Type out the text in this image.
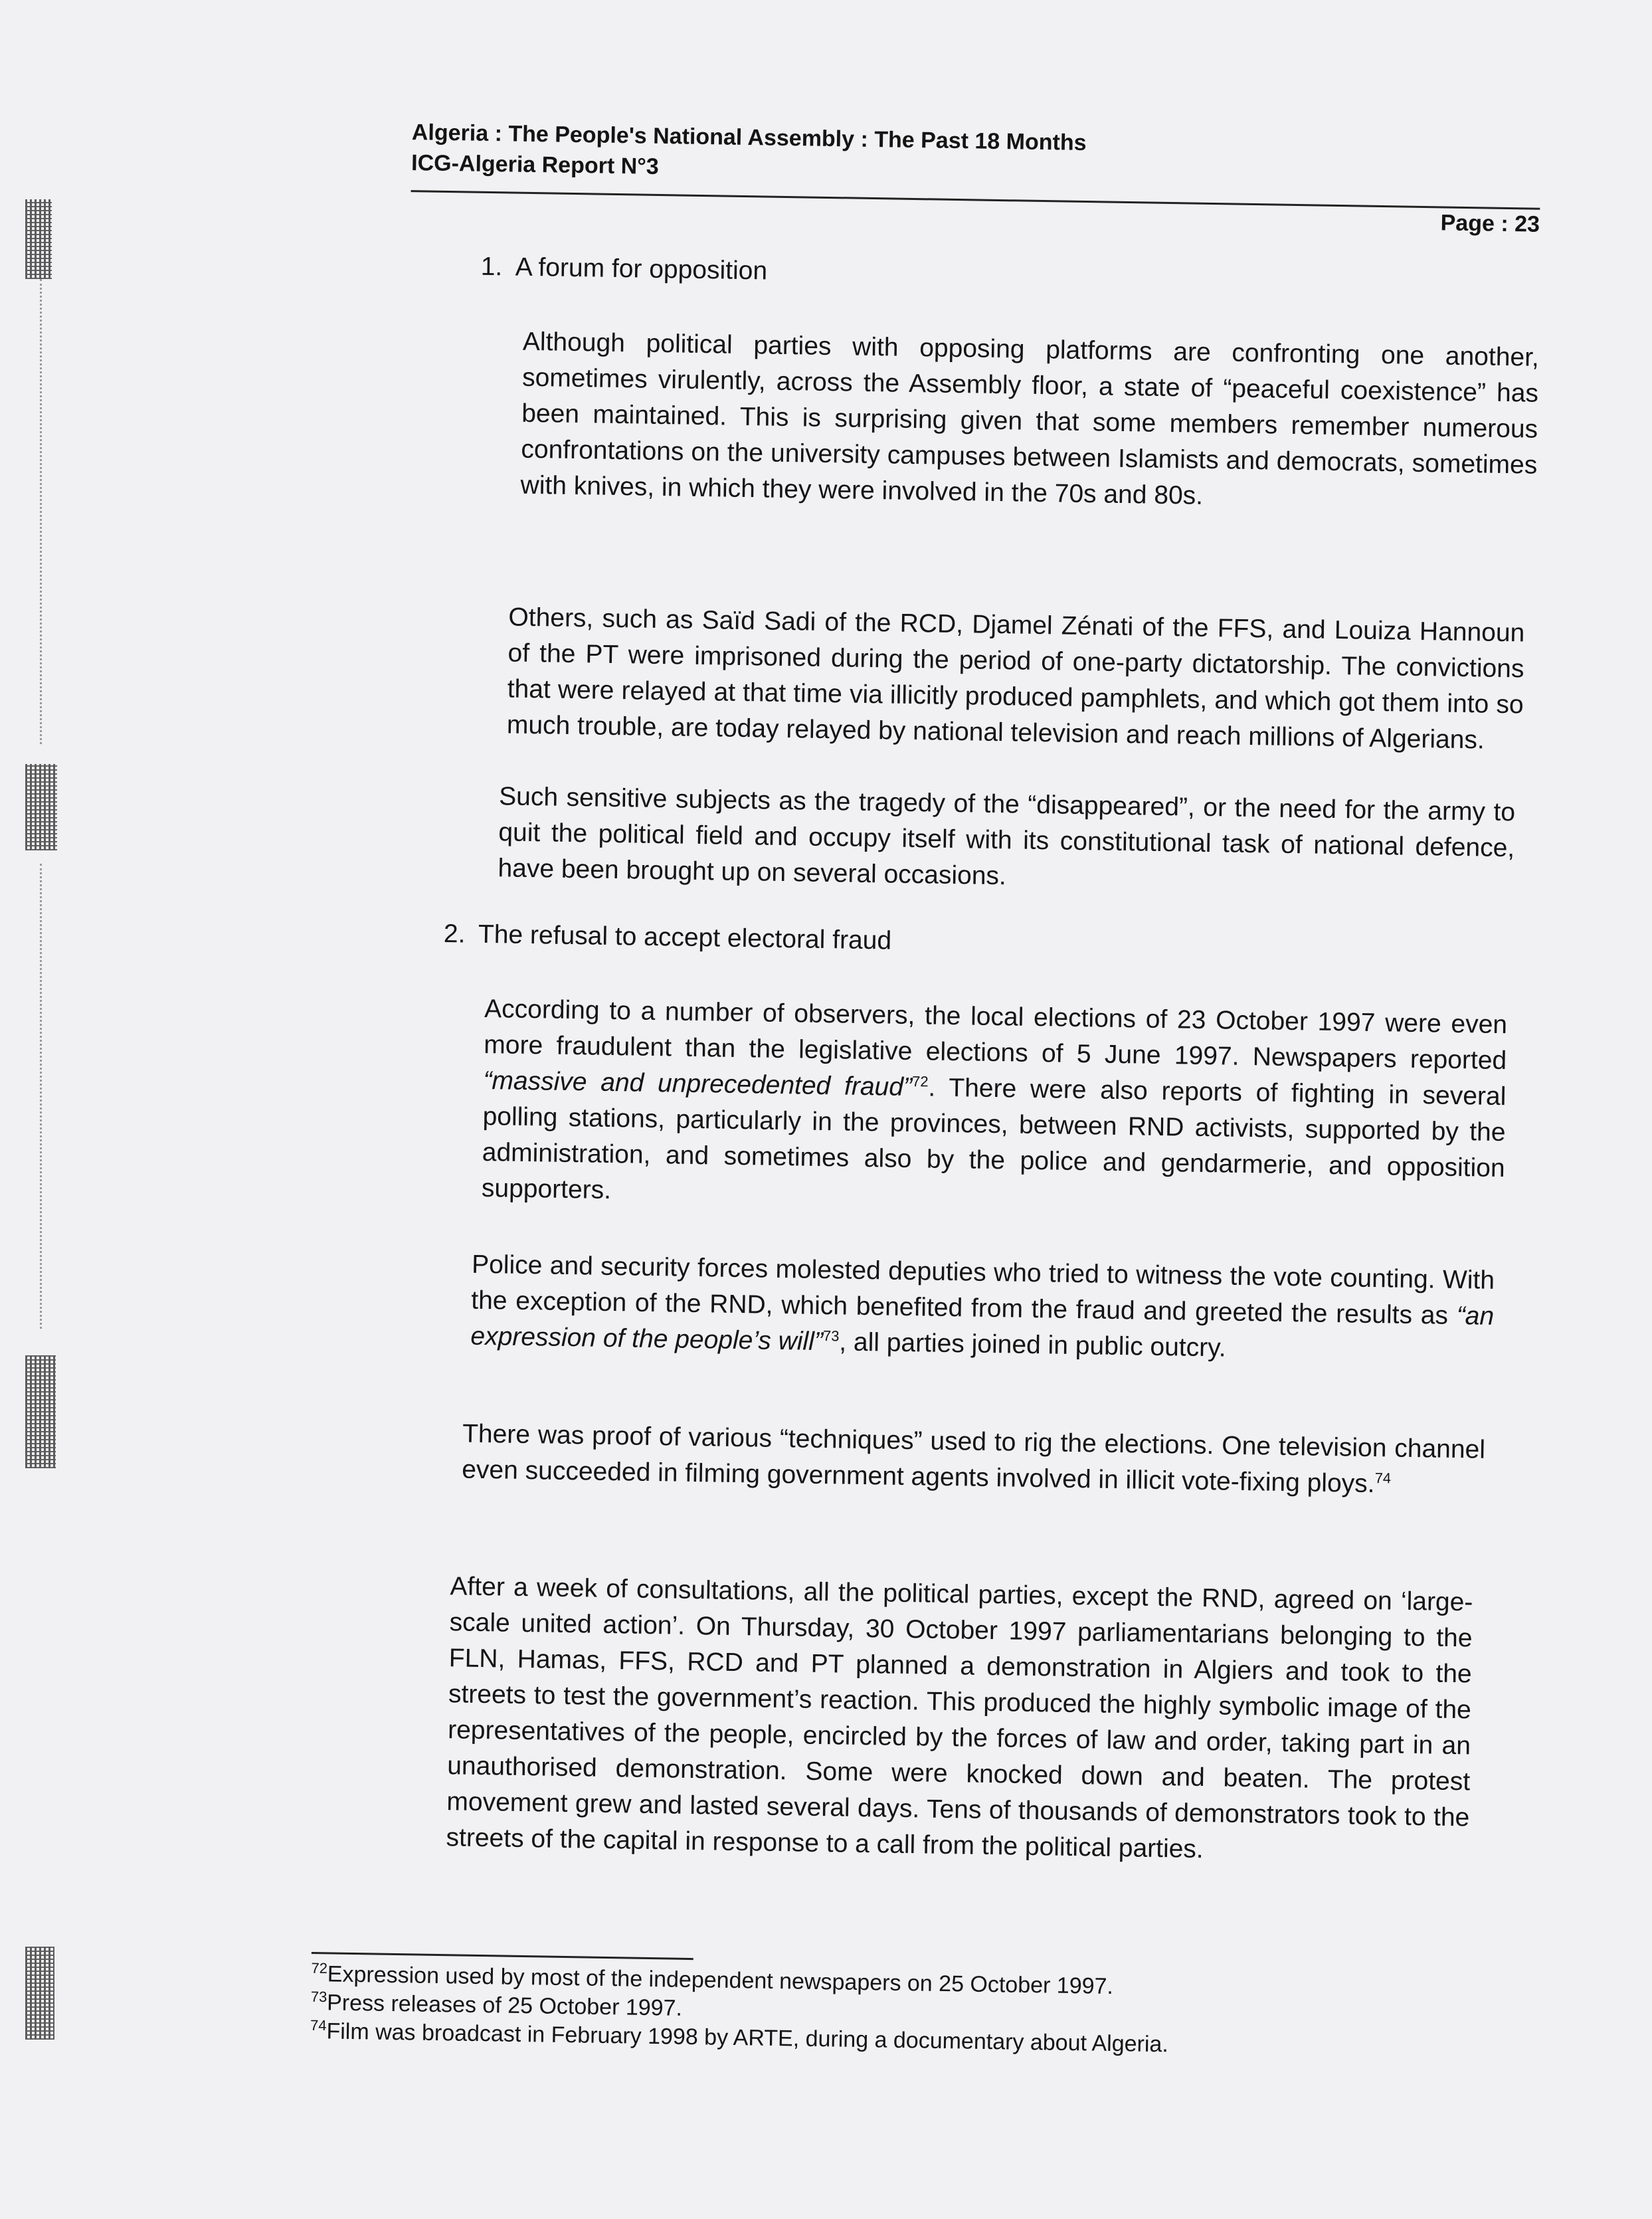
Algeria : The People's National Assembly : The Past 18 Months
ICG-Algeria Report N°3
Page : 23
1. A forum for opposition
Although political parties with opposing platforms are confronting one another, sometimes virulently, across the Assembly floor, a state of “peaceful coexistence” has been maintained. This is surprising given that some members remember numerous confrontations on the university campuses between Islamists and democrats, sometimes with knives, in which they were involved in the 70s and 80s.
Others, such as Saïd Sadi of the RCD, Djamel Zénati of the FFS, and Louiza Hannoun of the PT were imprisoned during the period of one-party dictatorship. The convictions that were relayed at that time via illicitly produced pamphlets, and which got them into so much trouble, are today relayed by national television and reach millions of Algerians.
Such sensitive subjects as the tragedy of the “disappeared”, or the need for the army to quit the political field and occupy itself with its constitutional task of national defence, have been brought up on several occasions.
2. The refusal to accept electoral fraud
According to a number of observers, the local elections of 23 October 1997 were even more fraudulent than the legislative elections of 5 June 1997. Newspapers reported “massive and unprecedented fraud”$^{72}$. There were also reports of fighting in several polling stations, particularly in the provinces, between RND activists, supported by the administration, and sometimes also by the police and gendarmerie, and opposition supporters.
Police and security forces molested deputies who tried to witness the vote counting. With the exception of the RND, which benefited from the fraud and greeted the results as “an expression of the people’s will”$^{73}$, all parties joined in public outcry.
There was proof of various “techniques” used to rig the elections. One television channel even succeeded in filming government agents involved in illicit vote-fixing ploys.$^{74}$
After a week of consultations, all the political parties, except the RND, agreed on ‘large-scale united action’. On Thursday, 30 October 1997 parliamentarians belonging to the FLN, Hamas, FFS, RCD and PT planned a demonstration in Algiers and took to the streets to test the government’s reaction. This produced the highly symbolic image of the representatives of the people, encircled by the forces of law and order, taking part in an unauthorised demonstration. Some were knocked down and beaten. The protest movement grew and lasted several days. Tens of thousands of demonstrators took to the streets of the capital in response to a call from the political parties.
$^{72}$Expression used by most of the independent newspapers on 25 October 1997.
$^{73}$Press releases of 25 October 1997.
$^{74}$Film was broadcast in February 1998 by ARTE, during a documentary about Algeria.
